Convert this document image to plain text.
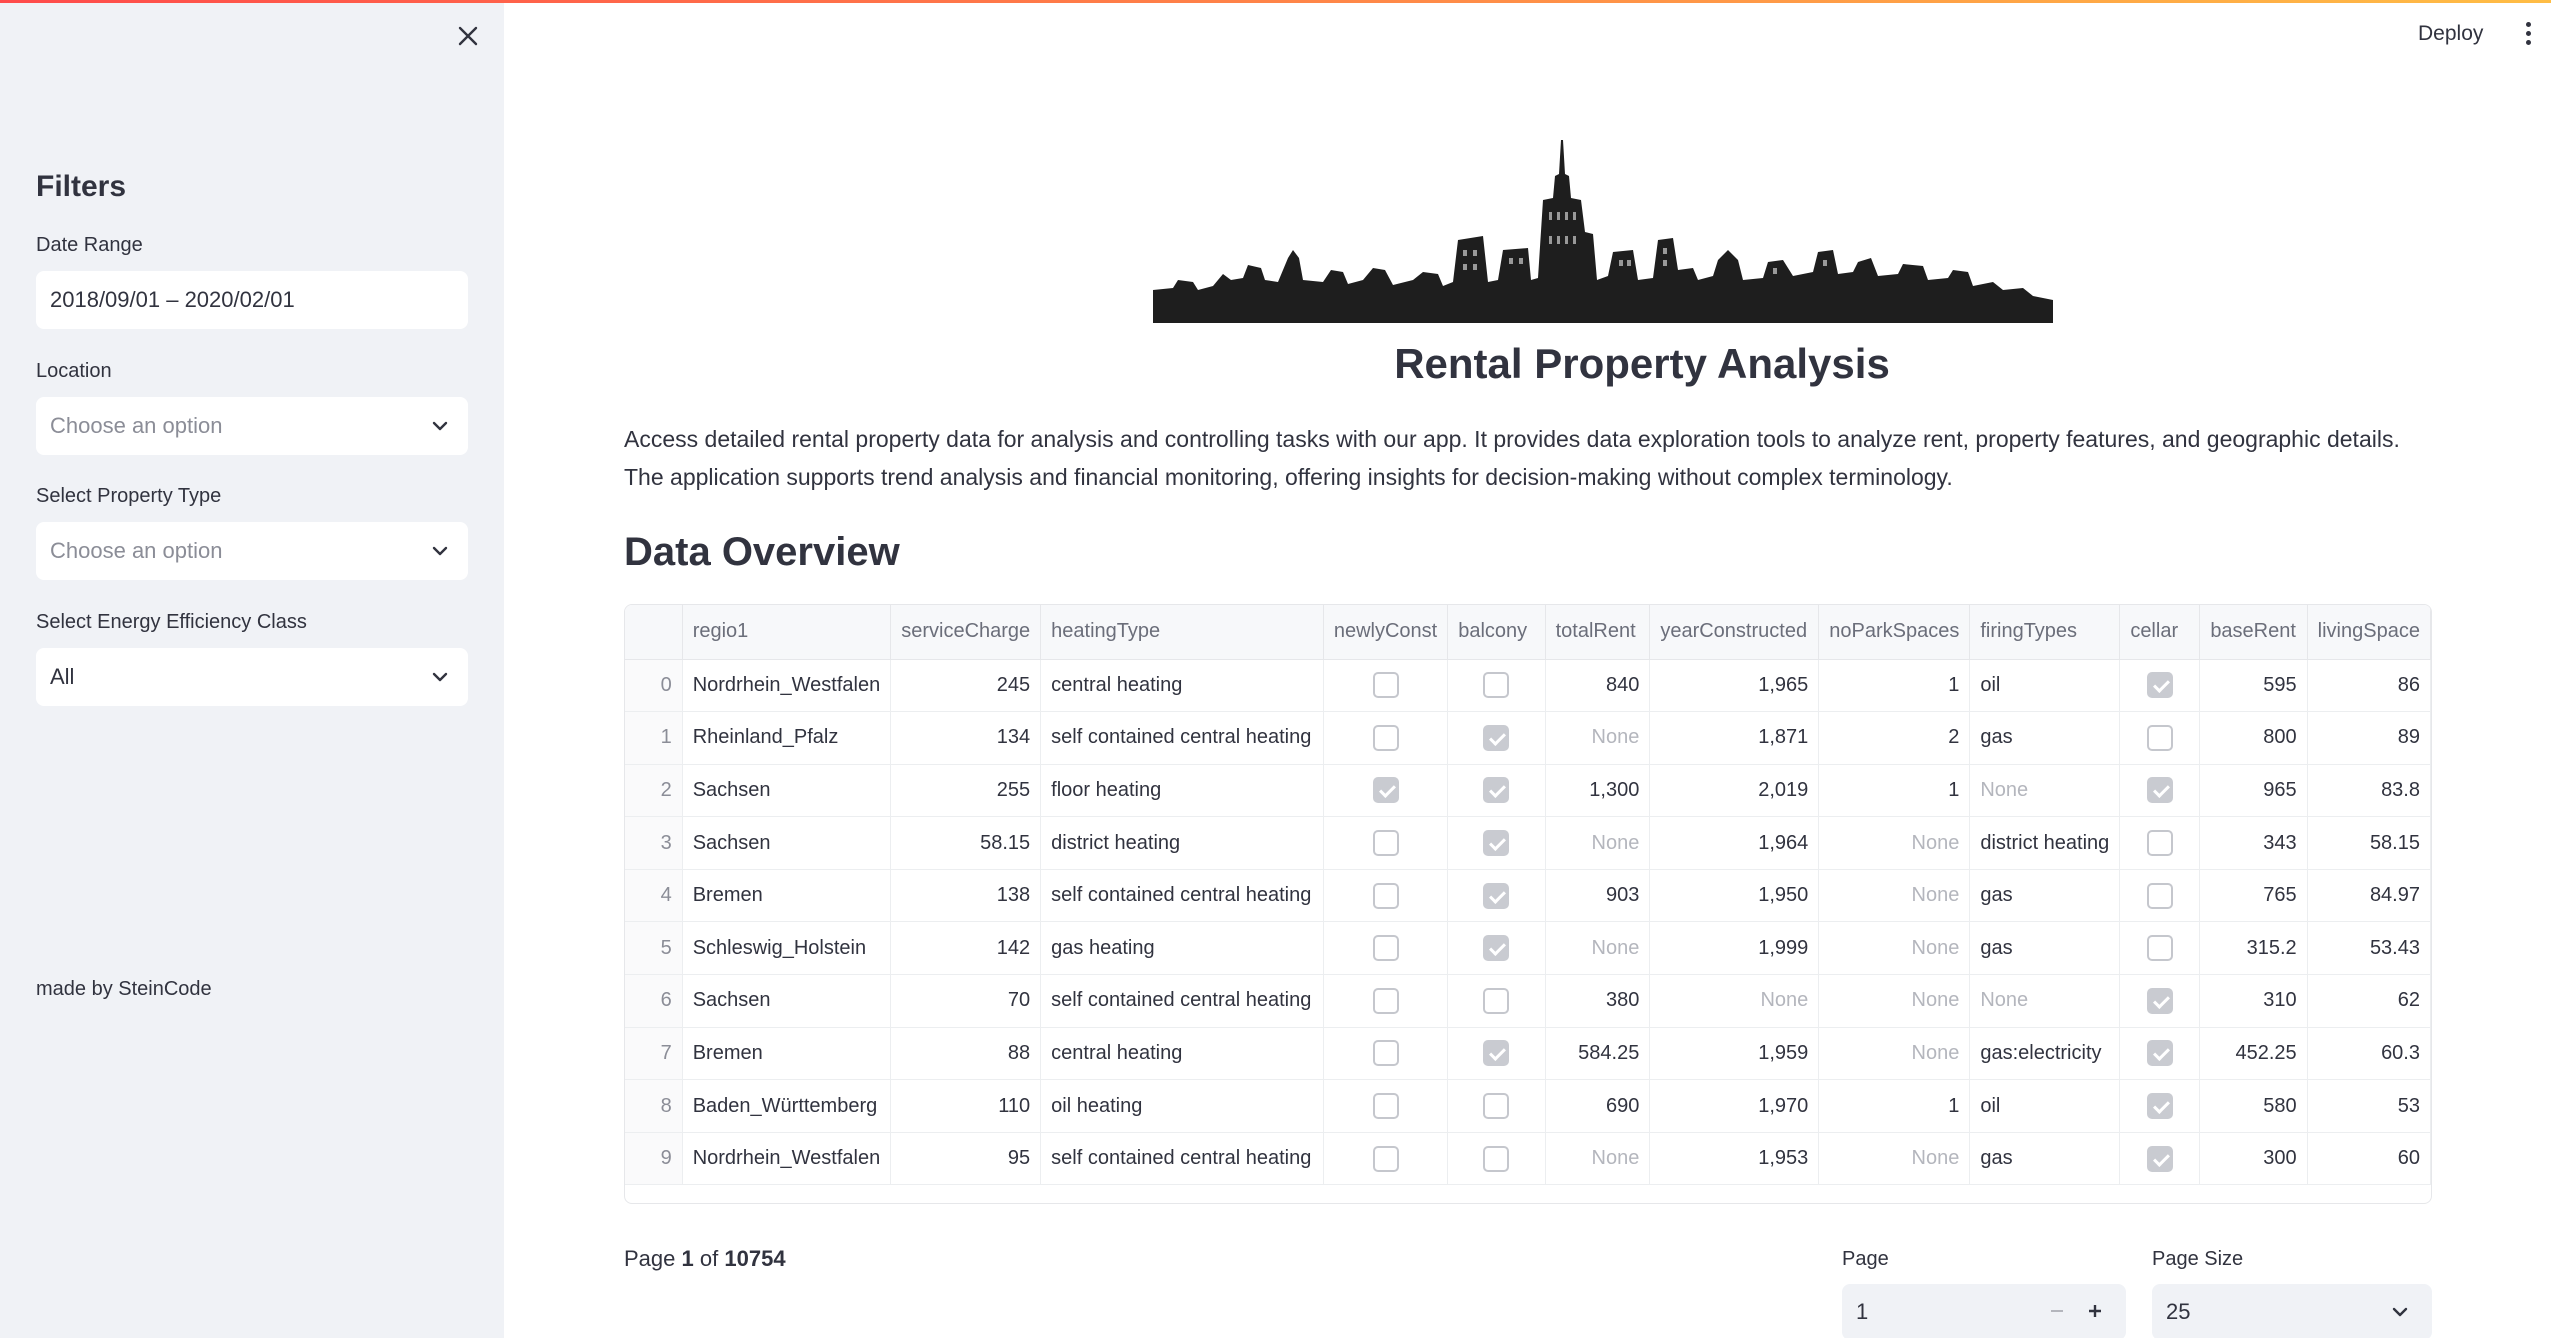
Filters
Date Range
2018/09/01 – 2020/02/01
Location
Choose an option
Select Property Type
Choose an option
Select Energy Efficiency Class
All
made by SteinCode
Deploy
Rental Property Analysis

Access detailed rental property data for analysis and controlling tasks with our app. It provides data exploration tools to analyze rent, property features, and geographic details. The application supports trend analysis and financial monitoring, offering insights for decision-making without complex terminology.

Data Overview
	regio1	serviceCharge	heatingType	newlyConst	balcony	totalRent	yearConstructed	noParkSpaces	firingTypes	cellar	baseRent	livingSpace
0	Nordrhein_Westfalen	245	central heating			840	1,965	1	oil		595	86
1	Rheinland_Pfalz	134	self contained central heating			None	1,871	2	gas		800	89
2	Sachsen	255	floor heating			1,300	2,019	1	None		965	83.8
3	Sachsen	58.15	district heating			None	1,964	None	district heating		343	58.15
4	Bremen	138	self contained central heating			903	1,950	None	gas		765	84.97
5	Schleswig_Holstein	142	gas heating			None	1,999	None	gas		315.2	53.43
6	Sachsen	70	self contained central heating			380	None	None	None		310	62
7	Bremen	88	central heating			584.25	1,959	None	gas:electricity		452.25	60.3
8	Baden_Württemberg	110	oil heating			690	1,970	1	oil		580	53
9	Nordrhein_Westfalen	95	self contained central heating			None	1,953	None	gas		300	60
Page 1 of 10754	Page
1
Page Size
25
